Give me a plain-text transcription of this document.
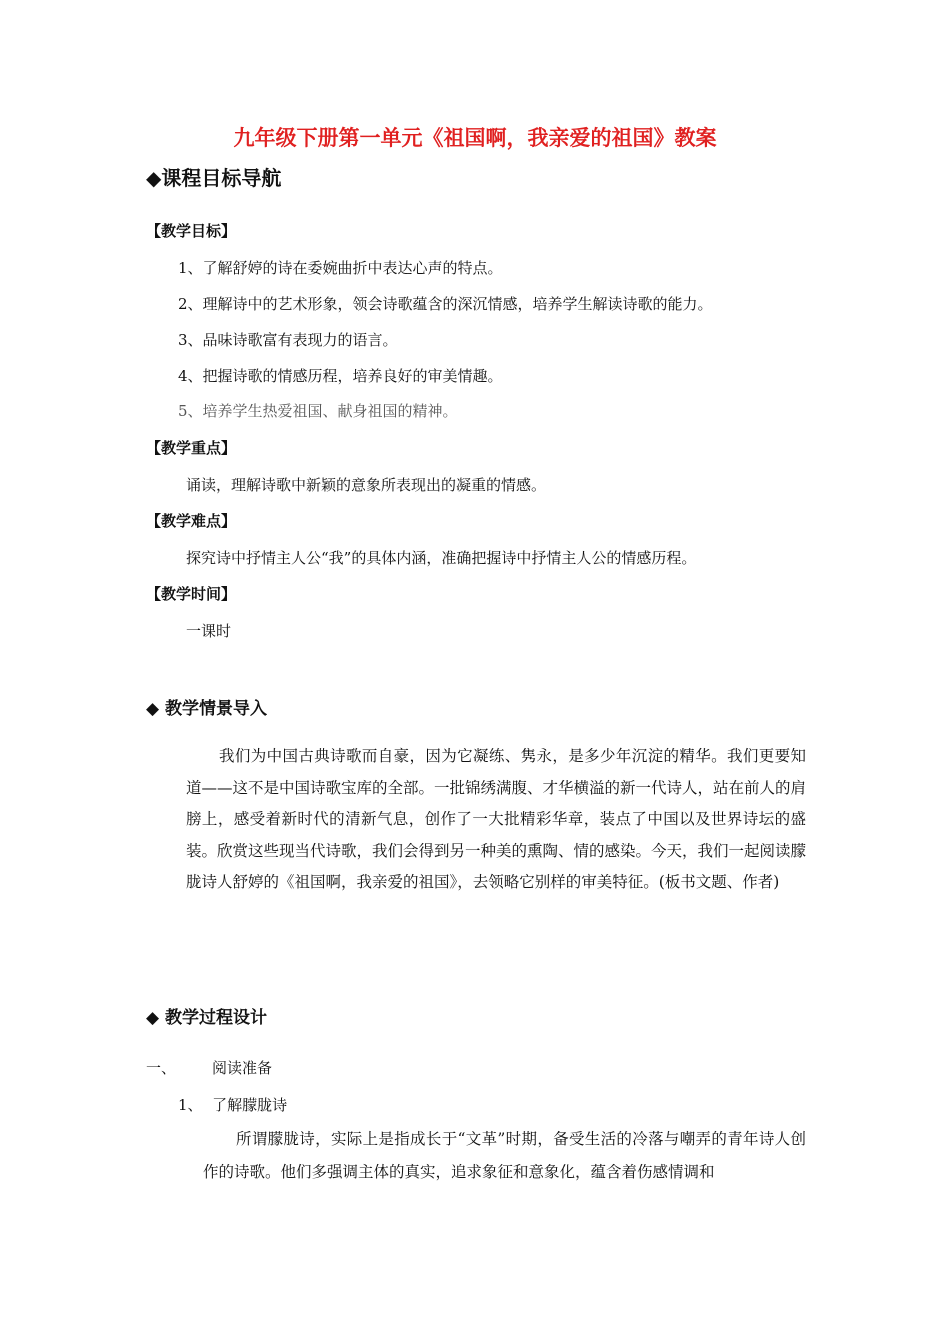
九年级下册第一单元《祖国啊，我亲爱的祖国》教案
◆课程目标导航
【教学目标】
1、了解舒婷的诗在委婉曲折中表达心声的特点。
2、理解诗中的艺术形象，领会诗歌蕴含的深沉情感，培养学生解读诗歌的能力。
3、品味诗歌富有表现力的语言。
4、把握诗歌的情感历程，培养良好的审美情趣。
5、培养学生热爱祖国、献身祖国的精神。
【教学重点】
诵读，理解诗歌中新颖的意象所表现出的凝重的情感。
【教学难点】
探究诗中抒情主人公“我”的具体内涵，准确把握诗中抒情主人公的情感历程。
【教学时间】
一课时
◆ 教学情景导入
我们为中国古典诗歌而自豪，因为它凝练、隽永，是多少年沉淀的精华。我们更要知道——这不是中国诗歌宝库的全部。一批锦绣满腹、才华横溢的新一代诗人，站在前人的肩膀上，感受着新时代的清新气息，创作了一大批精彩华章，装点了中国以及世界诗坛的盛装。欣赏这些现当代诗歌，我们会得到另一种美的熏陶、情的感染。今天，我们一起阅读朦胧诗人舒婷的《祖国啊，我亲爱的祖国》，去领略它别样的审美特征。(板书文题、作者)
◆ 教学过程设计
一、 阅读准备
1、  了解朦胧诗
所谓朦胧诗，实际上是指成长于“文革”时期，备受生活的冷落与嘲弄的青年诗人创作的诗歌。他们多强调主体的真实，追求象征和意象化，蕴含着伤感情调和
